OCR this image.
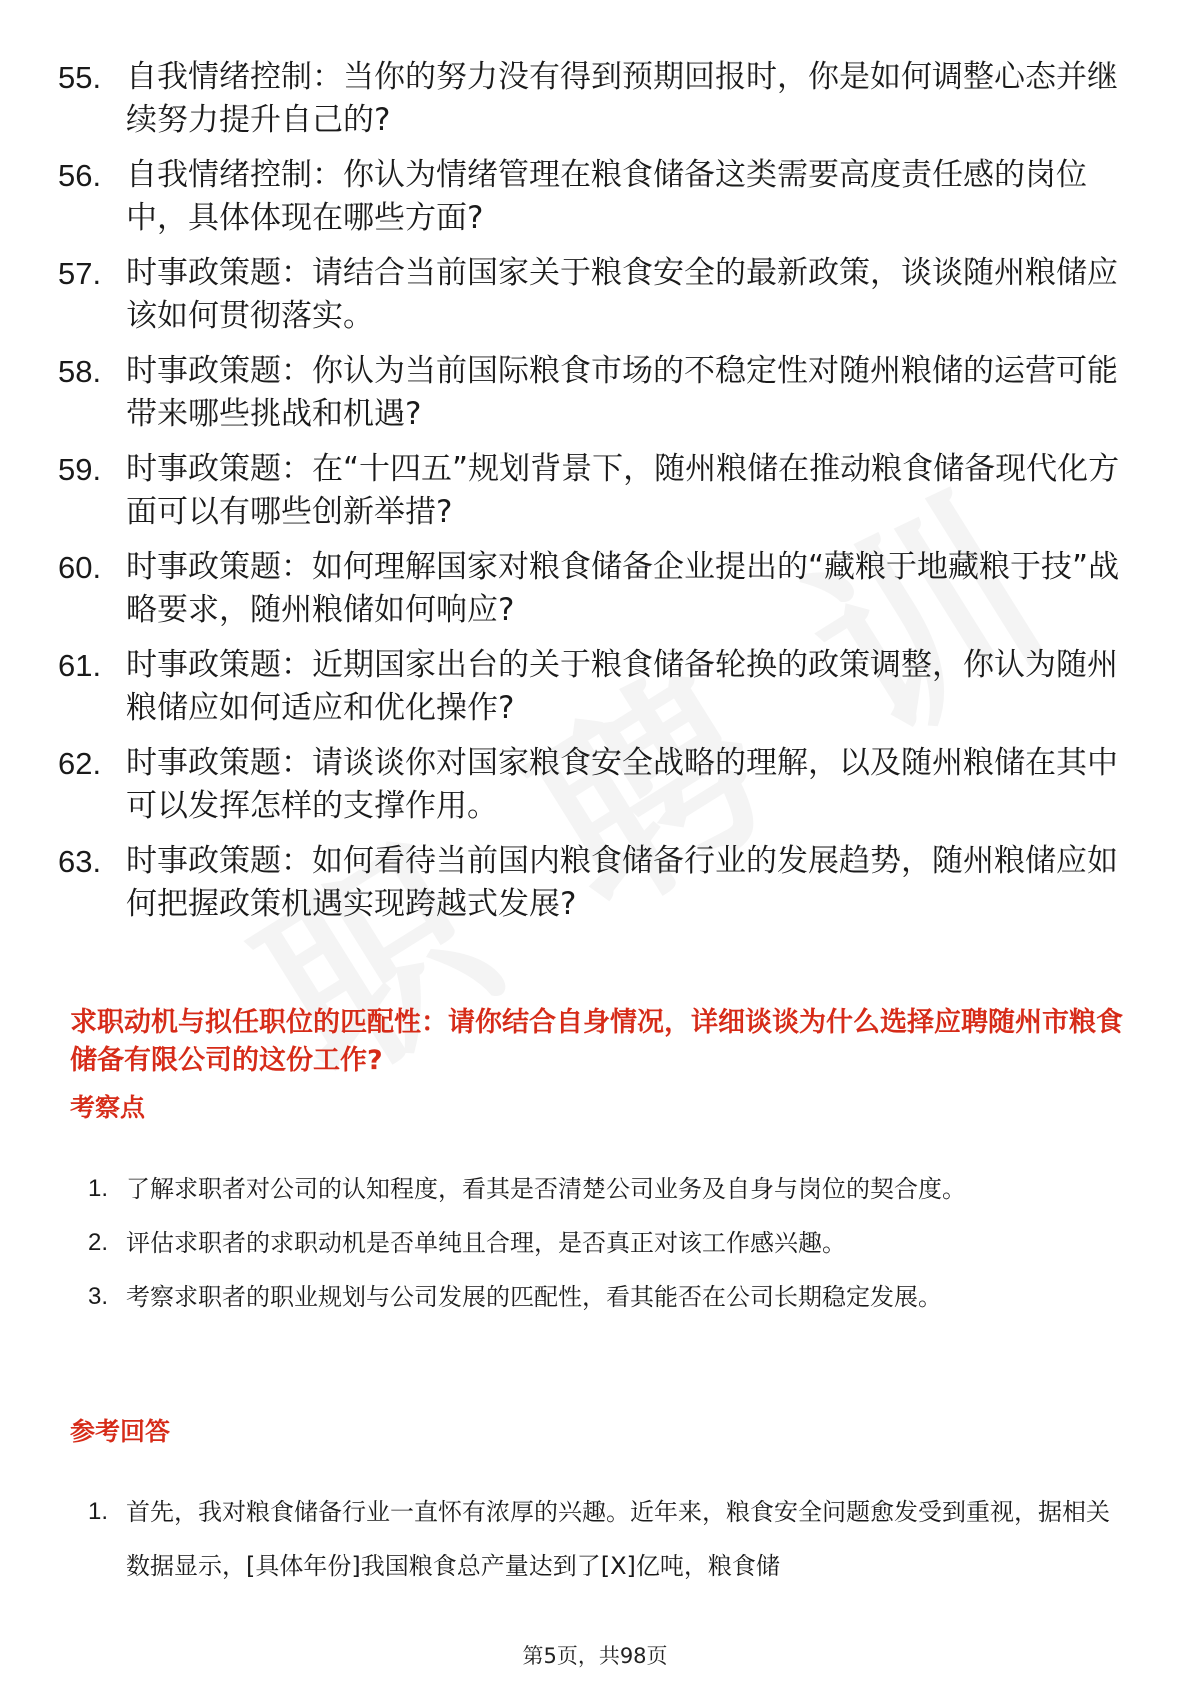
55. 自我情绪控制：当你的努力没有得到预期回报时，你是如何调整心态并继续努力提升自己的?
56. 自我情绪控制：你认为情绪管理在粮食储备这类需要高度责任感的岗位中，具体体现在哪些方面?
57. 时事政策题：请结合当前国家关于粮食安全的最新政策，谈谈随州粮储应该如何贯彻落实。
58. 时事政策题：你认为当前国际粮食市场的不稳定性对随州粮储的运营可能带来哪些挑战和机遇?
59. 时事政策题：在“十四五”规划背景下，随州粮储在推动粮食储备现代化方面可以有哪些创新举措?
60. 时事政策题：如何理解国家对粮食储备企业提出的“藏粮于地藏粮于技”战略要求，随州粮储如何响应?
61. 时事政策题：近期国家出台的关于粮食储备轮换的政策调整，你认为随州粮储应如何适应和优化操作?
62. 时事政策题：请谈谈你对国家粮食安全战略的理解，以及随州粮储在其中可以发挥怎样的支撑作用。
63. 时事政策题：如何看待当前国内粮食储备行业的发展趋势，随州粮储应如何把握政策机遇实现跨越式发展?
求职动机与拟任职位的匹配性：请你结合自身情况，详细谈谈为什么选择应聘随州市粮食储备有限公司的这份工作?
考察点
1. 了解求职者对公司的认知程度，看其是否清楚公司业务及自身与岗位的契合度。
2. 评估求职者的求职动机是否单纯且合理，是否真正对该工作感兴趣。
3. 考察求职者的职业规划与公司发展的匹配性，看其能否在公司长期稳定发展。
参考回答
1. 首先，我对粮食储备行业一直怀有浓厚的兴趣。近年来，粮食安全问题愈发受到重视，据相关数据显示，[具体年份]我国粮食总产量达到了[X]亿吨，粮食储
第5页，共98页
